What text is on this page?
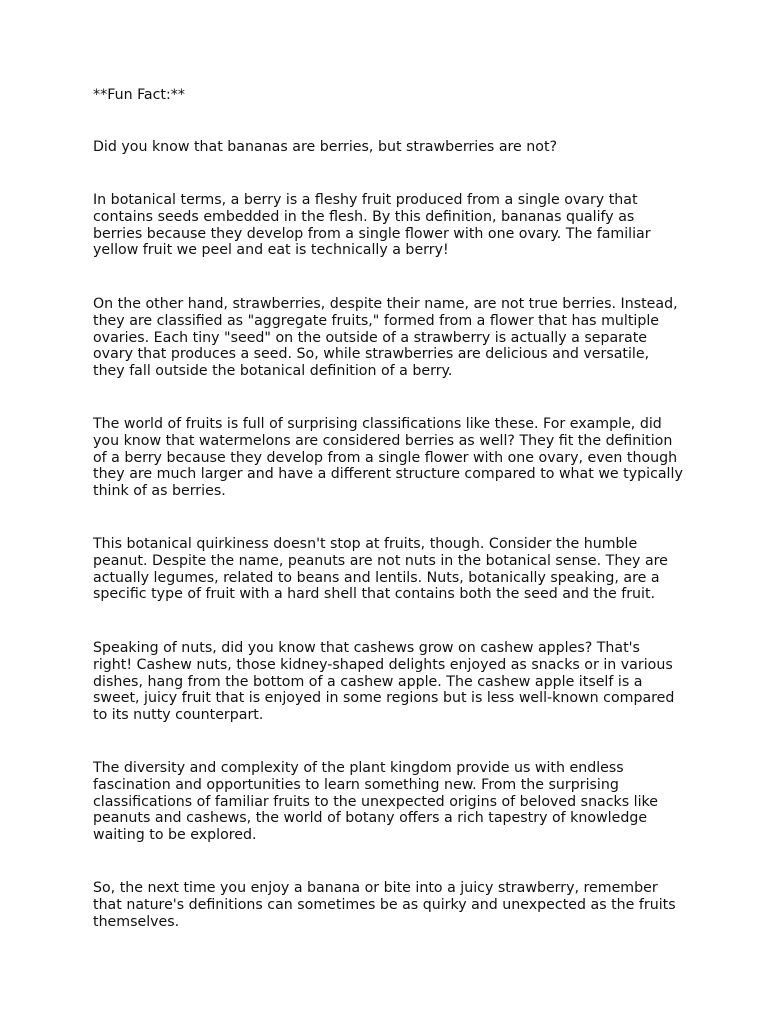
**Fun Fact:**

Did you know that bananas are berries, but strawberries are not?

In botanical terms, a berry is a fleshy fruit produced from a single ovary that contains seeds embedded in the flesh. By this definition, bananas qualify as berries because they develop from a single flower with one ovary. The familiar yellow fruit we peel and eat is technically a berry!

On the other hand, strawberries, despite their name, are not true berries. Instead, they are classified as "aggregate fruits," formed from a flower that has multiple ovaries. Each tiny "seed" on the outside of a strawberry is actually a separate ovary that produces a seed. So, while strawberries are delicious and versatile, they fall outside the botanical definition of a berry.

The world of fruits is full of surprising classifications like these. For example, did you know that watermelons are considered berries as well? They fit the definition of a berry because they develop from a single flower with one ovary, even though they are much larger and have a different structure compared to what we typically think of as berries.

This botanical quirkiness doesn't stop at fruits, though. Consider the humble peanut. Despite the name, peanuts are not nuts in the botanical sense. They are actually legumes, related to beans and lentils. Nuts, botanically speaking, are a specific type of fruit with a hard shell that contains both the seed and the fruit.

Speaking of nuts, did you know that cashews grow on cashew apples? That's right! Cashew nuts, those kidney-shaped delights enjoyed as snacks or in various dishes, hang from the bottom of a cashew apple. The cashew apple itself is a sweet, juicy fruit that is enjoyed in some regions but is less well-known compared to its nutty counterpart.

The diversity and complexity of the plant kingdom provide us with endless fascination and opportunities to learn something new. From the surprising classifications of familiar fruits to the unexpected origins of beloved snacks like peanuts and cashews, the world of botany offers a rich tapestry of knowledge waiting to be explored.

So, the next time you enjoy a banana or bite into a juicy strawberry, remember that nature's definitions can sometimes be as quirky and unexpected as the fruits themselves.
